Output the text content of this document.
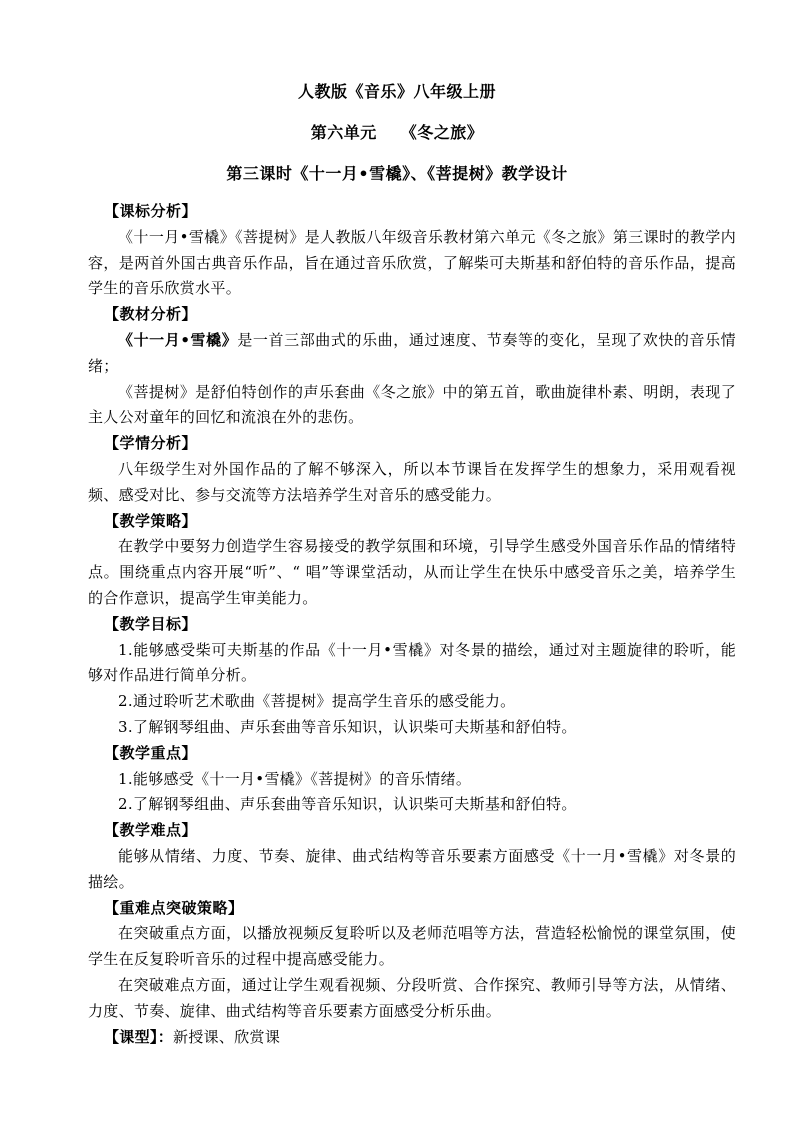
人教版《音乐》八年级上册
第六单元 《冬之旅》
第三课时《十一月•雪橇》、《菩提树》教学设计
【课标分析】

《十一月•雪橇》《菩提树》是人教版八年级音乐教材第六单元《冬之旅》第三课时的教学内容，是两首外国古典音乐作品，旨在通过音乐欣赏，了解柴可夫斯基和舒伯特的音乐作品，提高学生的音乐欣赏水平。

【教材分析】

《十一月•雪橇》是一首三部曲式的乐曲，通过速度、节奏等的变化，呈现了欢快的音乐情绪；

《菩提树》是舒伯特创作的声乐套曲《冬之旅》中的第五首，歌曲旋律朴素、明朗，表现了主人公对童年的回忆和流浪在外的悲伤。

【学情分析】

八年级学生对外国作品的了解不够深入，所以本节课旨在发挥学生的想象力，采用观看视频、感受对比、参与交流等方法培养学生对音乐的感受能力。

【教学策略】

在教学中要努力创造学生容易接受的教学氛围和环境，引导学生感受外国音乐作品的情绪特点。围绕重点内容开展“听”、“ 唱”等课堂活动，从而让学生在快乐中感受音乐之美，培养学生的合作意识，提高学生审美能力。

【教学目标】
1.能够感受柴可夫斯基的作品《十一月•雪橇》对冬景的描绘，通过对主题旋律的聆听，能够对作品进行简单分析。
2.通过聆听艺术歌曲《菩提树》提高学生音乐的感受能力。
3.了解钢琴组曲、声乐套曲等音乐知识，认识柴可夫斯基和舒伯特。
【教学重点】
1.能够感受《十一月•雪橇》《菩提树》的音乐情绪。
2.了解钢琴组曲、声乐套曲等音乐知识，认识柴可夫斯基和舒伯特。
【教学难点】

能够从情绪、力度、节奏、旋律、曲式结构等音乐要素方面感受《十一月•雪橇》对冬景的描绘。

【重难点突破策略】

在突破重点方面，以播放视频反复聆听以及老师范唱等方法，营造轻松愉悦的课堂氛围，使学生在反复聆听音乐的过程中提高感受能力。

在突破难点方面，通过让学生观看视频、分段听赏、合作探究、教师引导等方法，从情绪、力度、节奏、旋律、曲式结构等音乐要素方面感受分析乐曲。

【课型】：新授课、欣赏课
